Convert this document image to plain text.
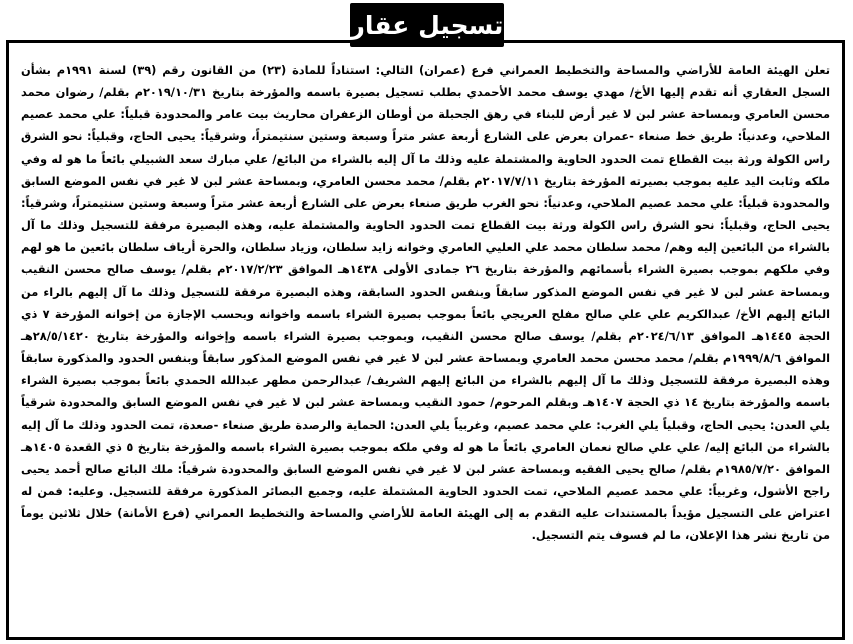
تسجيل عقار

تعلن الهيئة العامة للأراضي والمساحة والتخطيط العمراني فرع (عمران) التالي: استناداً للمادة (٢٣) من القانون رقم (٣٩) لسنة ١٩٩١م بشأن السجل العقاري أنه تقدم إليها الأخ/ مهدي يوسف محمد الأحمدي بطلب تسجيل بصيرة باسمه والمؤرخة بتاريخ ٢٠١٩/١٠/٣١م بقلم/ رضوان محمد محسن العامري وبمساحة عشر لبن لا غير أرض للبناء في رهق الجحبلة من أوطان الزعفران محاريث بيت عامر والمحدودة قبلياً: علي محمد عصيم الملاحي، وعدنياً: طريق خط صنعاء -عمران بعرض على الشارع أربعة عشر متراً وسبعة وستين سنتيمتراً، وشرقياً: يحيى الحاج، وقبلياً: نحو الشرق راس الكولة ورثة بيت القطاع تمت الحدود الحاوية والمشتملة عليه وذلك ما آل إليه بالشراء من البائع/ علي مبارك سعد الشبيلي بائعاً ما هو له وفي ملكه وثابت اليد عليه بموجب بصيرته المؤرخة بتاريخ ٢٠١٧/٧/١١م بقلم/ محمد محسن العامري، وبمساحة عشر لبن لا غير في نفس الموضع السابق والمحدودة قبلياً: علي محمد عصيم الملاحي، وعدنياً: نحو الغرب طريق صنعاء بعرض على الشارع أربعة عشر متراً وسبعة وستين سنتيمتراً، وشرقياً: يحيى الحاج، وقبلياً: نحو الشرق راس الكولة ورثة بيت القطاع تمت الحدود الحاوية والمشتملة عليه، وهذه البصيرة مرفقة للتسجيل وذلك ما آل بالشراء من البائعين إليه وهم/ محمد سلطان محمد علي العليي العامري وخوانه زايد سلطان، وزياد سلطان، والحرة أرياف سلطان بائعين ما هو لهم وفي ملكهم بموجب بصيرة الشراء بأسمائهم والمؤرخة بتاريخ ٢٦ جمادى الأولى ١٤٣٨هـ الموافق ٢٠١٧/٢/٢٣م بقلم/ يوسف صالح محسن النقيب وبمساحة عشر لبن لا غير في نفس الموضع المذكور سابقاً وبنفس الحدود السابقة، وهذه البصيرة مرفقة للتسجيل وذلك ما آل إليهم بالراء من البائع إليهم الأخ/ عبدالكريم علي علي صالح مفلح العريجي بائعاً بموجب بصيرة الشراء باسمه واخوانه وبحسب الإجازة من إخوانه المؤرخة ٧ ذي الحجة ١٤٤٥هـ الموافق ٢٠٢٤/٦/١٣م بقلم/ يوسف صالح محسن النقيب، وبموجب بصيرة الشراء باسمه وإخوانه والمؤرخة بتاريخ ٢٨/٥/١٤٢٠هـ الموافق ١٩٩٩/٨/٦م بقلم/ محمد محسن محمد العامري وبمساحة عشر لبن لا غير في نفس الموضع المذكور سابقاً وبنفس الحدود والمذكورة سابقاً وهذه البصيرة مرفقة للتسجيل وذلك ما آل إليهم بالشراء من البائع إليهم الشريف/ عبدالرحمن مطهر عبدالله الحمدي بائعاً بموجب بصيرة الشراء باسمه والمؤرخة بتاريخ ١٤ ذي الحجة ١٤٠٧هـ وبقلم المرحوم/ حمود النقيب وبمساحة عشر لبن لا غير في نفس الموضع السابق والمحدودة شرقياً يلي العدن: يحيى الحاج، وقبلياً يلي الغرب: علي محمد عصيم، وغربياً يلي العدن: الحماية والرصدة طريق صنعاء -صعدة، تمت الحدود وذلك ما آل إليه بالشراء من البائع إليه/ علي علي صالح نعمان العامري بائعاً ما هو له وفي ملكه بموجب بصيرة الشراء باسمه والمؤرخة بتاريخ ٥ ذي القعدة ١٤٠٥هـ الموافق ١٩٨٥/٧/٢٠م بقلم/ صالح يحيى الفقيه وبمساحة عشر لبن لا غير في نفس الموضع السابق والمحدودة شرقياً: ملك البائع صالح أحمد يحيى راجح الأشول، وغربياً: علي محمد عصيم الملاحي، تمت الحدود الحاوية المشتملة عليه، وجميع البصائر المذكورة مرفقة للتسجيل. وعليه: فمن له اعتراض على التسجيل مؤيداً بالمستندات عليه التقدم به إلى الهيئة العامة للأراضي والمساحة والتخطيط العمراني (فرع الأمانة) خلال ثلاثين يوماً من تاريخ نشر هذا الإعلان، ما لم فسوف يتم التسجيل.
